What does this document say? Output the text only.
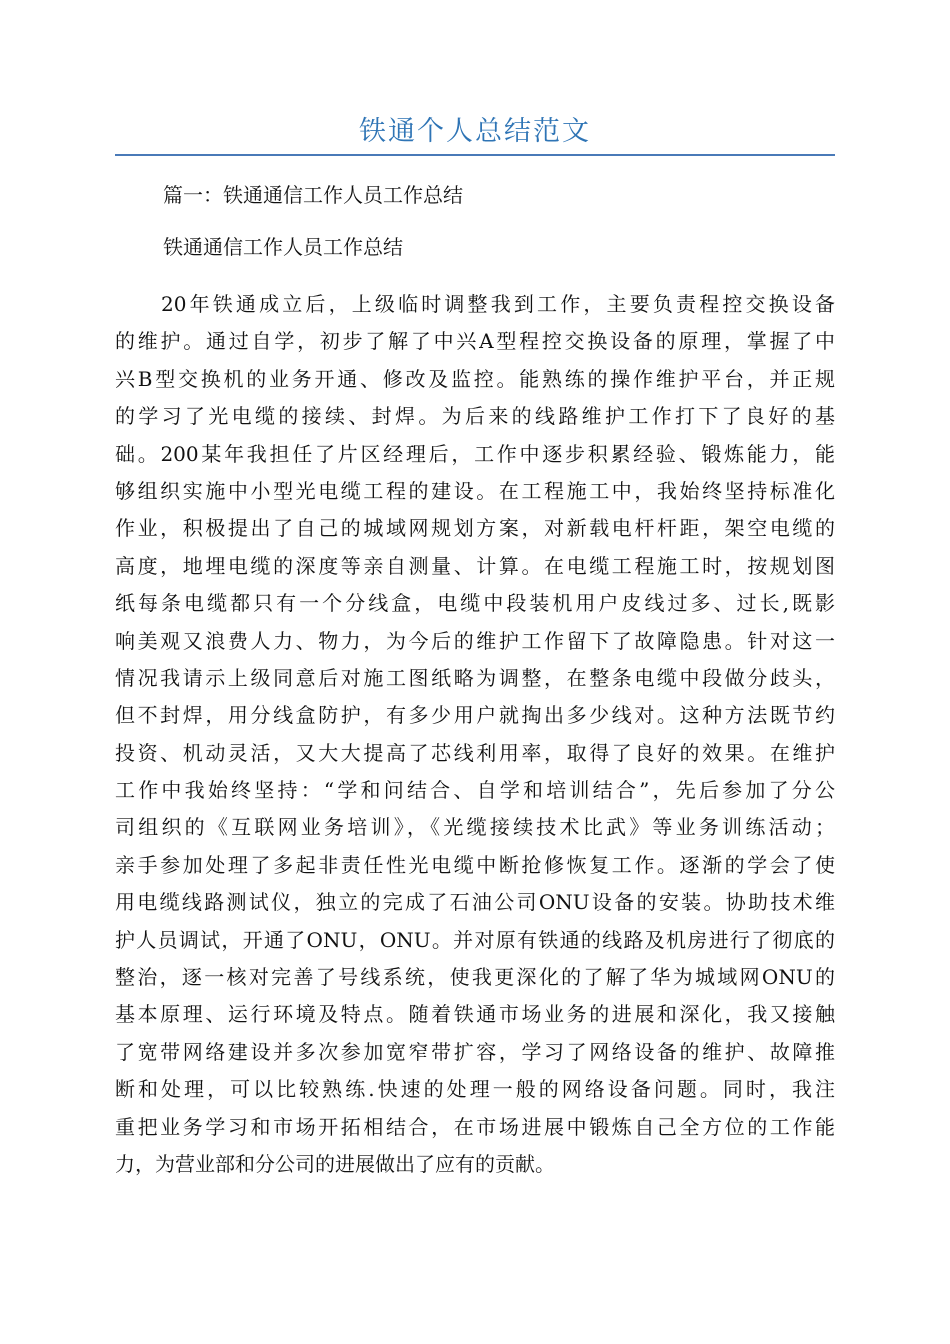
铁通个人总结范文

篇一：铁通通信工作人员工作总结

铁通通信工作人员工作总结

20年铁通成立后，上级临时调整我到工作，主要负责程控交换设备
的维护。通过自学，初步了解了中兴A型程控交换设备的原理，掌握了中
兴B型交换机的业务开通、修改及监控。能熟练的操作维护平台，并正规
的学习了光电缆的接续、封焊。为后来的线路维护工作打下了良好的基
础。200某年我担任了片区经理后，工作中逐步积累经验、锻炼能力，能
够组织实施中小型光电缆工程的建设。在工程施工中，我始终坚持标准化
作业，积极提出了自己的城域网规划方案，对新载电杆杆距，架空电缆的
高度，地埋电缆的深度等亲自测量、计算。在电缆工程施工时，按规划图
纸每条电缆都只有一个分线盒，电缆中段装机用户皮线过多、过长,既影
响美观又浪费人力、物力，为今后的维护工作留下了故障隐患。针对这一
情况我请示上级同意后对施工图纸略为调整，在整条电缆中段做分歧头，
但不封焊，用分线盒防护，有多少用户就掏出多少线对。这种方法既节约
投资、机动灵活，又大大提高了芯线利用率，取得了良好的效果。在维护
工作中我始终坚持：“学和问结合、自学和培训结合”，先后参加了分公
司组织的《互联网业务培训》，《光缆接续技术比武》等业务训练活动；
亲手参加处理了多起非责任性光电缆中断抢修恢复工作。逐渐的学会了使
用电缆线路测试仪，独立的完成了石油公司ONU设备的安装。协助技术维
护人员调试，开通了ONU，ONU。并对原有铁通的线路及机房进行了彻底的
整治，逐一核对完善了号线系统，使我更深化的了解了华为城域网ONU的
基本原理、运行环境及特点。随着铁通市场业务的进展和深化，我又接触
了宽带网络建设并多次参加宽窄带扩容，学习了网络设备的维护、故障推
断和处理，可以比较熟练.快速的处理一般的网络设备问题。同时，我注
重把业务学习和市场开拓相结合，在市场进展中锻炼自己全方位的工作能
力，为营业部和分公司的进展做出了应有的贡献。
